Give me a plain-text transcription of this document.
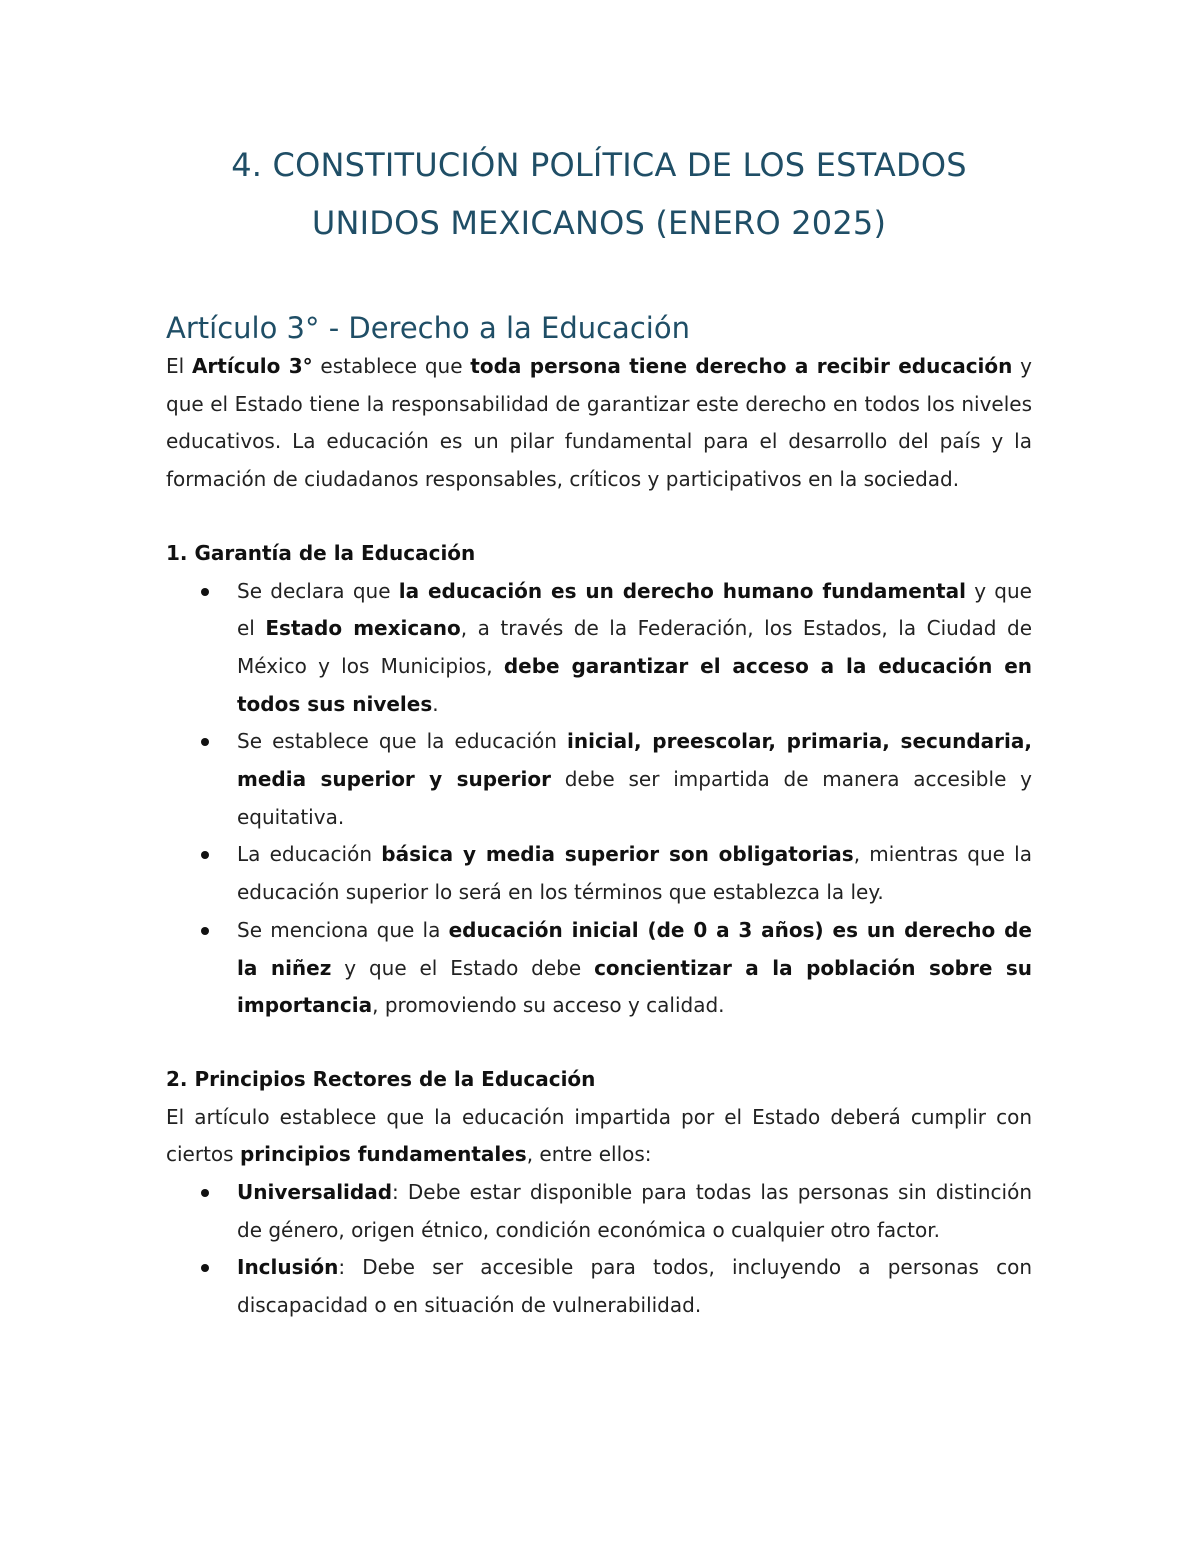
4. CONSTITUCIÓN POLÍTICA DE LOS ESTADOS
UNIDOS MEXICANOS (ENERO 2025)
Artículo 3° - Derecho a la Educación

El Artículo 3° establece que toda persona tiene derecho a recibir educación y que el Estado tiene la responsabilidad de garantizar este derecho en todos los niveles educativos. La educación es un pilar fundamental para el desarrollo del país y la formación de ciudadanos responsables, críticos y participativos en la sociedad.

1. Garantía de la Educación
Se declara que la educación es un derecho humano fundamental y que el Estado mexicano, a través de la Federación, los Estados, la Ciudad de México y los Municipios, debe garantizar el acceso a la educación en todos sus niveles.
Se establece que la educación inicial, preescolar, primaria, secundaria, media superior y superior debe ser impartida de manera accesible y equitativa.
La educación básica y media superior son obligatorias, mientras que la educación superior lo será en los términos que establezca la ley.
Se menciona que la educación inicial (de 0 a 3 años) es un derecho de la niñez y que el Estado debe concientizar a la población sobre su importancia, promoviendo su acceso y calidad.
2. Principios Rectores de la Educación

El artículo establece que la educación impartida por el Estado deberá cumplir con ciertos principios fundamentales, entre ellos:

Universalidad: Debe estar disponible para todas las personas sin distinción de género, origen étnico, condición económica o cualquier otro factor.
Inclusión: Debe ser accesible para todos, incluyendo a personas con discapacidad o en situación de vulnerabilidad.
